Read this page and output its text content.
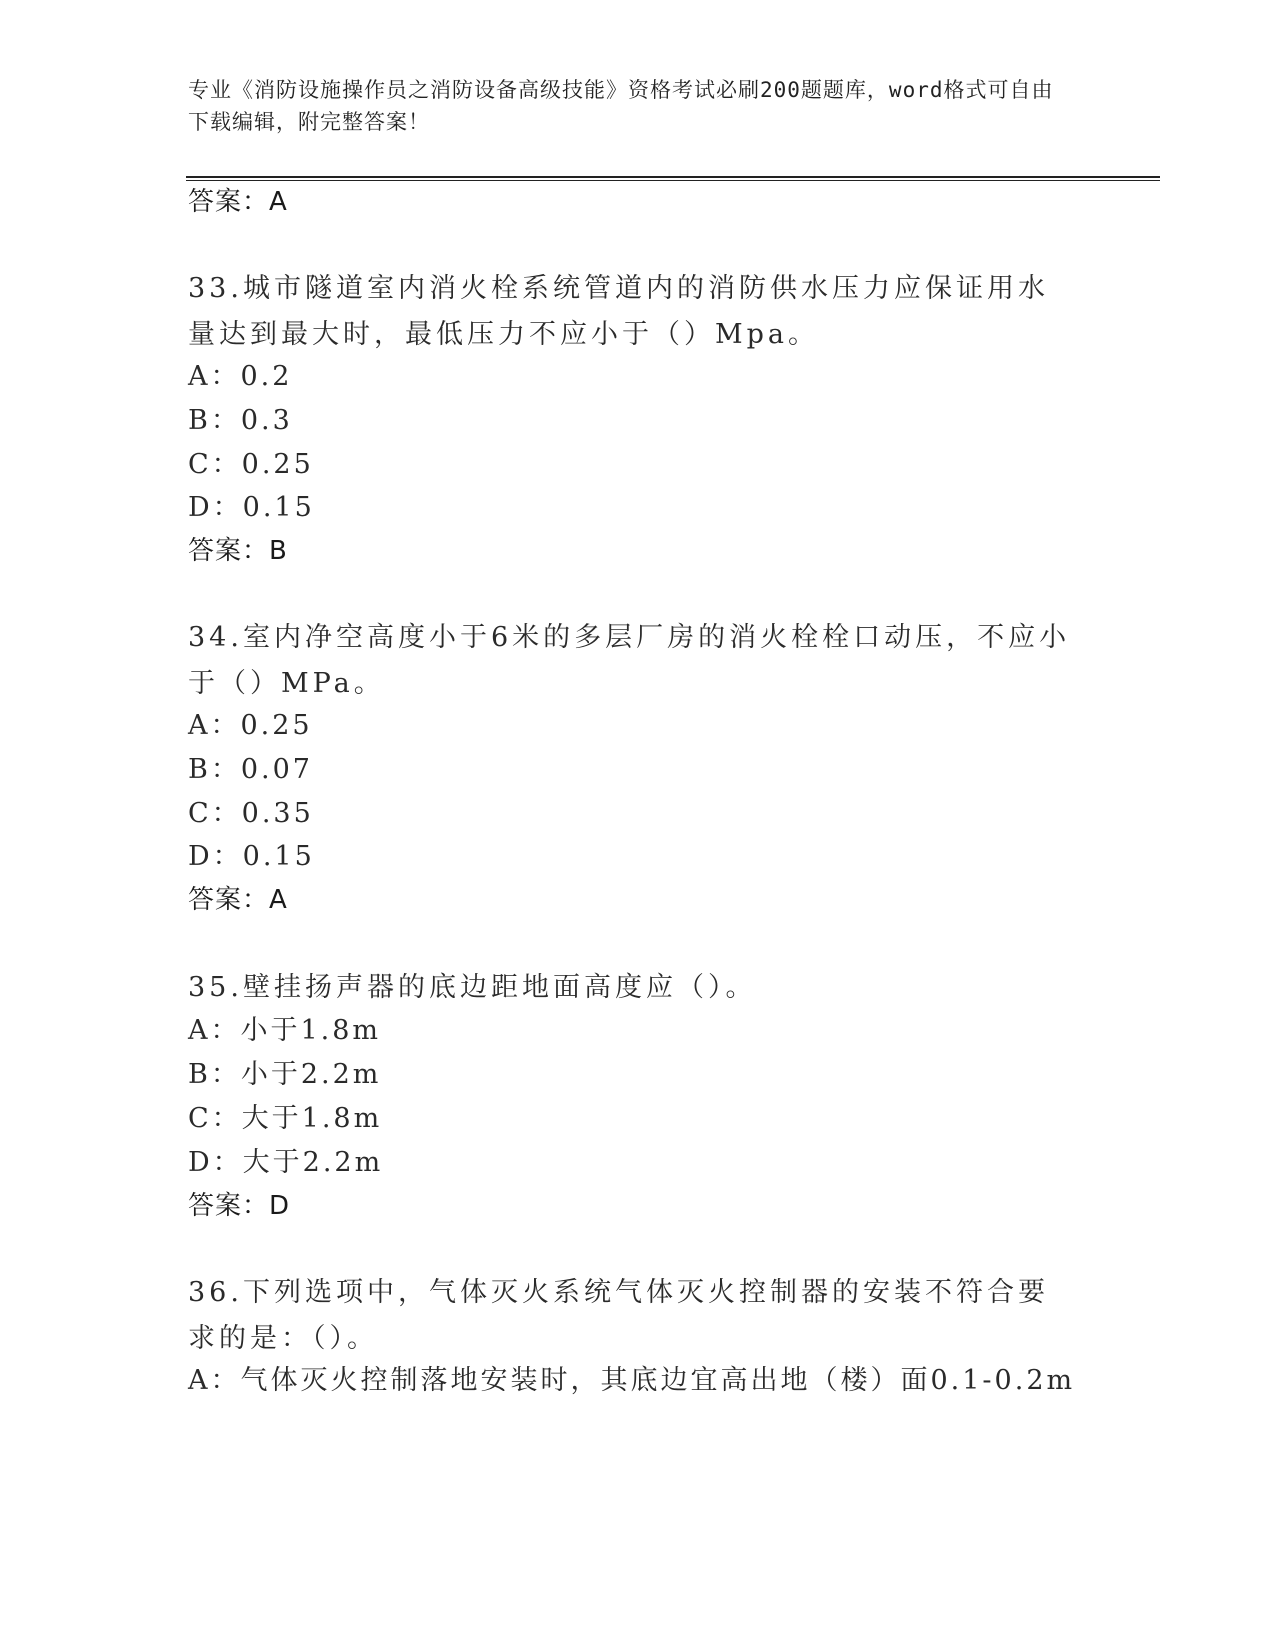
专业《消防设施操作员之消防设备高级技能》资格考试必刷200题题库，word格式可自由下载编辑，附完整答案！
答案：A
33.城市隧道室内消火栓系统管道内的消防供水压力应保证用水量达到最大时，最低压力不应小于（）Mpa。
A：0.2
B：0.3
C：0.25
D：0.15
答案：B
34.室内净空高度小于6米的多层厂房的消火栓栓口动压，不应小于（）MPa。
A：0.25
B：0.07
C：0.35
D：0.15
答案：A
35.壁挂扬声器的底边距地面高度应（）。
A：小于1.8m
B：小于2.2m
C：大于1.8m
D：大于2.2m
答案：D
36.下列选项中，气体灭火系统气体灭火控制器的安装不符合要求的是：（）。
A：气体灭火控制落地安装时，其底边宜高出地（楼）面0.1-0.2m
